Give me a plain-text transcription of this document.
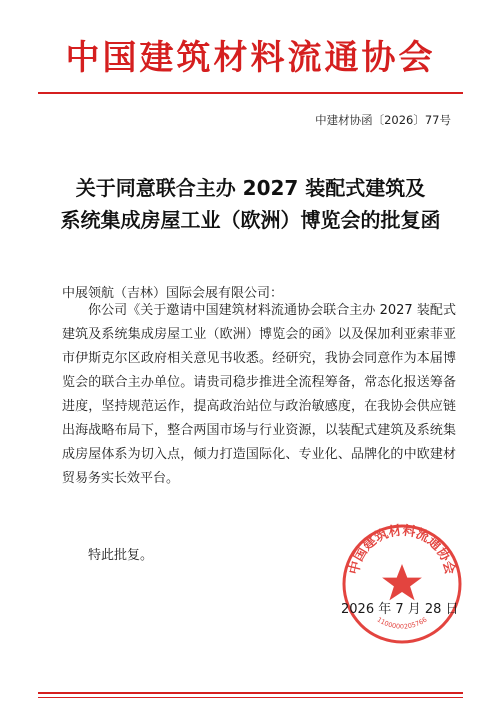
中国建筑材料流通协会
中建材协函〔2026〕77号
关于同意联合主办 2027 装配式建筑及
系统集成房屋工业（欧洲）博览会的批复函
中展领航（吉林）国际会展有限公司：
你公司《关于邀请中国建筑材料流通协会联合主办 2027 装配式建筑及系统集成房屋工业（欧洲）博览会的函》以及保加利亚索菲亚市伊斯克尔区政府相关意见书收悉。经研究，我协会同意作为本届博览会的联合主办单位。请贵司稳步推进全流程筹备，常态化报送筹备进度，坚持规范运作，提高政治站位与政治敏感度，在我协会供应链出海战略布局下，整合两国市场与行业资源，以装配式建筑及系统集成房屋体系为切入点，倾力打造国际化、专业化、品牌化的中欧建材贸易务实长效平台。
特此批复。
中国建筑材料流通协会
1100000205766
2026 年 7 月 28 日
